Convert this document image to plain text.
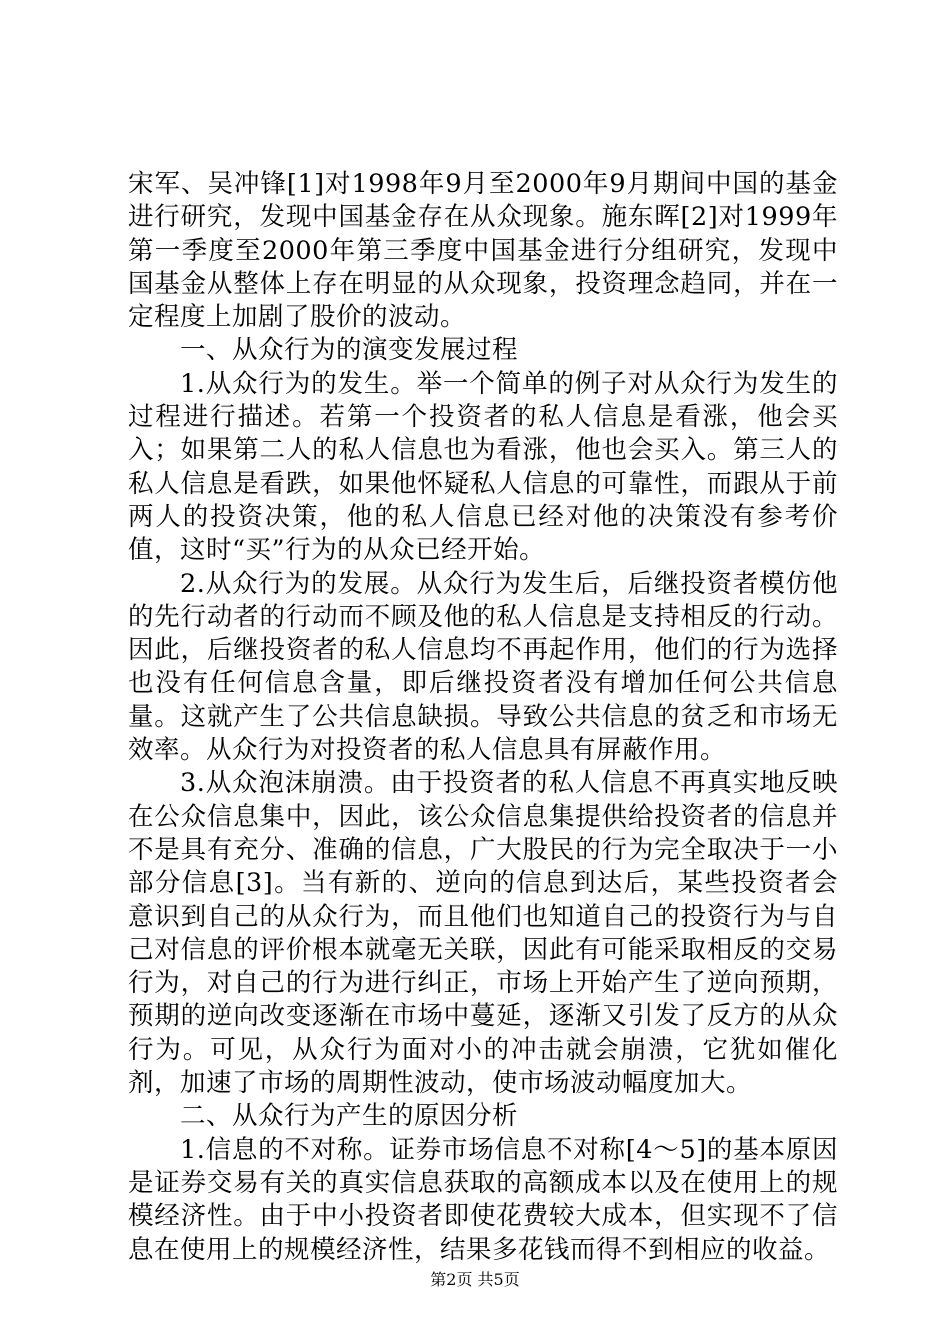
宋军、吴冲锋[1]对1998年9月至2000年9月期间中国的基金进行研究，发现中国基金存在从众现象。施东晖[2]对1999年第一季度至2000年第三季度中国基金进行分组研究，发现中国基金从整体上存在明显的从众现象，投资理念趋同，并在一定程度上加剧了股价的波动。

一、从众行为的演变发展过程

1.从众行为的发生。举一个简单的例子对从众行为发生的过程进行描述。若第一个投资者的私人信息是看涨，他会买入；如果第二人的私人信息也为看涨，他也会买入。第三人的私人信息是看跌，如果他怀疑私人信息的可靠性，而跟从于前两人的投资决策，他的私人信息已经对他的决策没有参考价值，这时“买”行为的从众已经开始。

2.从众行为的发展。从众行为发生后，后继投资者模仿他的先行动者的行动而不顾及他的私人信息是支持相反的行动。因此，后继投资者的私人信息均不再起作用，他们的行为选择也没有任何信息含量，即后继投资者没有增加任何公共信息量。这就产生了公共信息缺损。导致公共信息的贫乏和市场无效率。从众行为对投资者的私人信息具有屏蔽作用。

3.从众泡沫崩溃。由于投资者的私人信息不再真实地反映在公众信息集中，因此，该公众信息集提供给投资者的信息并不是具有充分、准确的信息，广大股民的行为完全取决于一小部分信息[3]。当有新的、逆向的信息到达后，某些投资者会意识到自己的从众行为，而且他们也知道自己的投资行为与自己对信息的评价根本就毫无关联，因此有可能采取相反的交易行为，对自己的行为进行纠正，市场上开始产生了逆向预期，预期的逆向改变逐渐在市场中蔓延，逐渐又引发了反方的从众行为。可见，从众行为面对小的冲击就会崩溃，它犹如催化剂，加速了市场的周期性波动，使市场波动幅度加大。

二、从众行为产生的原因分析

1.信息的不对称。证券市场信息不对称[4～5]的基本原因是证券交易有关的真实信息获取的高额成本以及在使用上的规模经济性。由于中小投资者即使花费较大成本，但实现不了信息在使用上的规模经济性，结果多花钱而得不到相应的收益。

第2页 共5页
